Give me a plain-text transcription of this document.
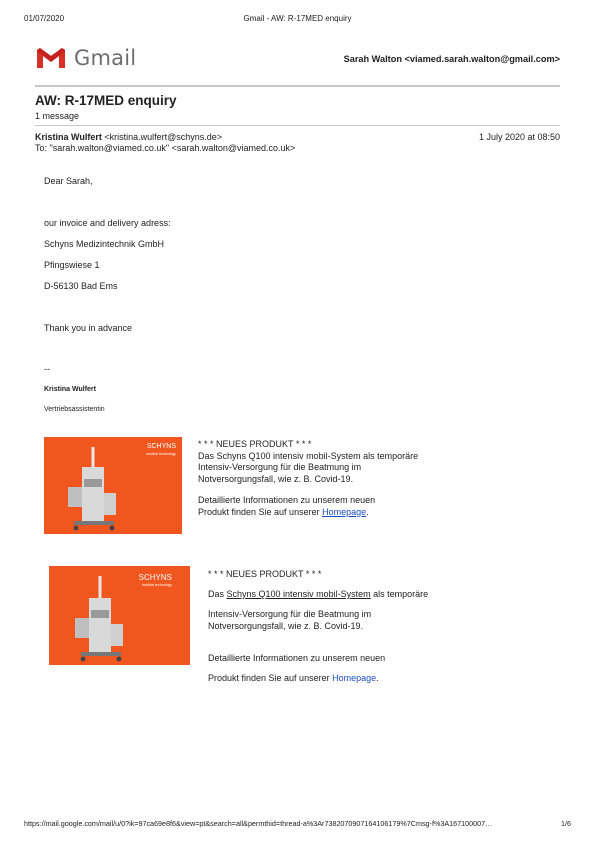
01/07/2020	Gmail - AW: R-17MED enquiry
Gmail	Sarah Walton <viamed.sarah.walton@gmail.com>
AW: R-17MED enquiry
1 message
Kristina Wulfert <kristina.wulfert@schyns.de>	1 July 2020 at 08:50
To: "sarah.walton@viamed.co.uk" <sarah.walton@viamed.co.uk>
Dear Sarah,
our invoice and delivery adress:
Schyns Medizintechnik GmbH
Pfingswiese 1
D-56130 Bad Ems
Thank you in advance
--
Kristina Wulfert
Vertriebsassistentin
SCHYNS
medical technology
* * * NEUES PRODUKT * * *
Das Schyns Q100 intensiv mobil-System als temporäre
Intensiv-Versorgung für die Beatmung im
Notversorgungsfall, wie z. B. Covid-19.
Detaillierte Informationen zu unserem neuen
Produkt finden Sie auf unserer Homepage.
SCHYNS
medical technology
* * * NEUES PRODUKT * * *
Das Schyns Q100 intensiv mobil-System als temporäre
Intensiv-Versorgung für die Beatmung im
Notversorgungsfall, wie z. B. Covid-19.
Detaillierte Informationen zu unserem neuen
Produkt finden Sie auf unserer Homepage.
https://mail.google.com/mail/u/0?ik=97ca69e8f6&view=pt&search=all&permthid=thread-a%3Ar7382070907164106179%7Cmsg-f%3A167100007…	1/6
